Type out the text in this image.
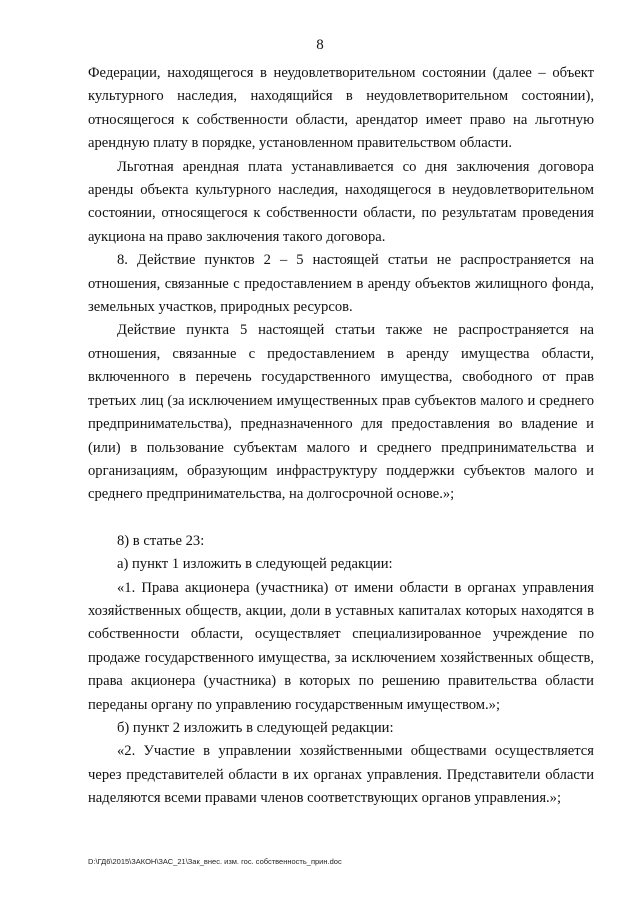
8

Федерации, находящегося в неудовлетворительном состоянии (далее – объект культурного наследия, находящийся в неудовлетворительном состоянии), относящегося к собственности области, арендатор имеет право на льготную арендную плату в порядке, установленном правительством области.

Льготная арендная плата устанавливается со дня заключения договора аренды объекта культурного наследия, находящегося в неудовлетворительном состоянии, относящегося к собственности области, по результатам проведения аукциона на право заключения такого договора.

8. Действие пунктов 2 – 5 настоящей статьи не распространяется на отношения, связанные с предоставлением в аренду объектов жилищного фонда, земельных участков, природных ресурсов.

Действие пункта 5 настоящей статьи также не распространяется на отношения, связанные с предоставлением в аренду имущества области, включенного в перечень государственного имущества, свободного от прав третьих лиц (за исключением имущественных прав субъектов малого и среднего предпринимательства), предназначенного для предоставления во владение и (или) в пользование субъектам малого и среднего предпринимательства и организациям, образующим инфраструктуру поддержки субъектов малого и среднего предпринимательства, на долгосрочной основе.»;

8) в статье 23:

а) пункт 1 изложить в следующей редакции:

«1. Права акционера (участника) от имени области в органах управления хозяйственных обществ, акции, доли в уставных капиталах которых находятся в собственности области, осуществляет специализированное учреждение по продаже государственного имущества, за исключением хозяйственных обществ, права акционера (участника) в которых по решению правительства области переданы органу по управлению государственным имуществом.»;

б) пункт 2 изложить в следующей редакции:

«2. Участие в управлении хозяйственными обществами осуществляется через представителей области в их органах управления. Представители области наделяются всеми правами членов соответствующих органов управления.»;

D:\ГД6\2015\ЗАКОН\ЗАС_21\Зак_внес. изм. гос. собственность_прин.doc
